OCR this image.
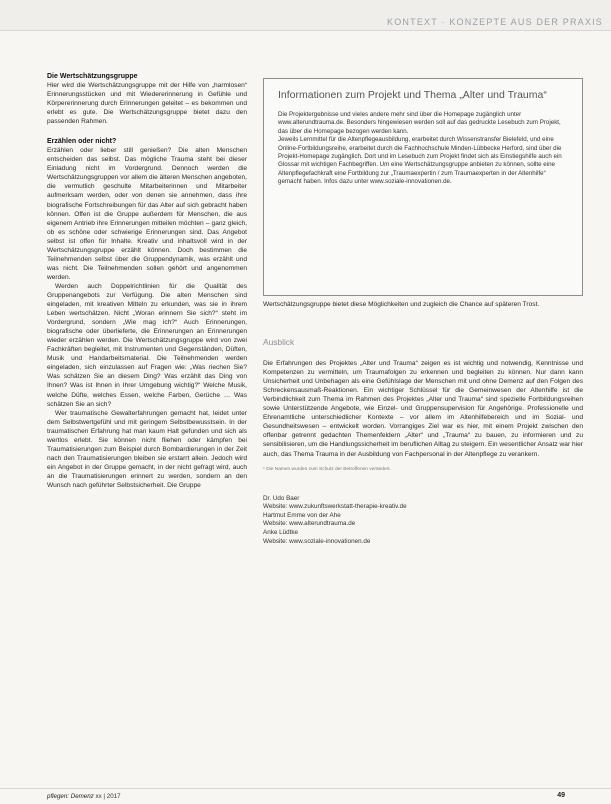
KONTEXT · KONZEPTE AUS DER PRAXIS
Die Wertschätzungsgruppe

Hier wird die Wertschätzungsgruppe mit der Hilfe von „harmlosen“ Erinnerungsstücken und mit Wiedererinnerung in Gefühle und Körpererinnerung durch Erinnerungen geleitet – es bekommen und erlebt es gute. Die Wertschätzungsgruppe bietet dazu den passenden Rahmen.

Erzählen oder nicht?

Erzählen oder lieber still genießen? Die alten Menschen entscheiden das selbst. Das mögliche Trauma steht bei dieser Einladung nicht im Vordergrund. Dennoch werden die Wertschätzungsgruppen vor allem die älteren Menschen angeboten, die vermutlich geschulte Mitarbeiterinnen und Mitarbeiter aufmerksam werden, oder von denen sie annehmen, dass ihre biografische Fortschreibungen für das Alter auf sich gebracht haben können. Offen ist die Gruppe außerdem für Menschen, die aus eigenem Antrieb ihre Erinnerungen mitteilen möchten – ganz gleich, ob es schöne oder schwierige Erinnerungen sind. Das Angebot selbst ist offen für Inhalte. Kreativ und inhaltsvoll wird in der Wertschätzungsgruppe erzählt können. Doch bestimmen die Teilnehmenden selbst über die Gruppendynamik, was erzählt und was nicht. Die Teilnehmenden sollen gehört und angenommen werden.

Werden auch Doppelrichtlinien für die Qualität des Gruppenangebots zur Verfügung. Die alten Menschen sind eingeladen, mit kreativen Mitteln zu erkunden, was sie in ihrem Leben wertschätzen. Nicht „Woran erinnern Sie sich?“ steht im Vordergrund, sondern „Wie mag ich?“ Auch Erinnerungen, biografische oder überlieferte, die Erinnerungen an Erinnerungen wieder erzählen werden. Die Wertschätzungsgruppe wird von zwei Fachkräften begleitet, mit Instrumenten und Gegenständen, Düften, Musik und Handarbeitsmaterial. Die Teilnehmenden werden eingeladen, sich einzulassen auf Fragen wie: „Was riechen Sie? Was schätzen Sie an diesem Ding? Was erzählt das Ding von Ihnen? Was ist Ihnen in Ihrer Umgebung wichtig?“ Welche Musik, welche Düfte, welches Essen, welche Farben, Gerüche … Was schätzen Sie an sich?

Wer traumatische Gewalterfahrungen gemacht hat, leidet unter dem Selbstwertgefühl und mit geringem Selbstbewusstsein. In der traumatischen Erfahrung hat man kaum Halt gefunden und sich als wertlos erlebt. Sie können nicht fliehen oder kämpfen bei Traumatisierungen zum Beispiel durch Bombardierungen in der Zeit nach den Traumatisierungen bleiben sie erstarrt allein. Jedoch wird ein Angebot in der Gruppe gemacht, in der nicht gefragt wird, auch an die Traumatisierungen erinnert zu werden, sondern an den Wunsch nach geführter Selbstsicherheit. Die Gruppe

Informationen zum Projekt und Thema „Alter und Trauma“

Die Projektergebnisse und vieles andere mehr sind über die Homepage zugänglich unter www.alterundtrauma.de. Besonders hingewiesen werden soll auf das gedruckte Lesebuch zum Projekt, das über die Homepage bezogen werden kann.

Jeweils Lernmittel für die Altenpflegeausbildung, erarbeitet durch Wissenstransfer Bielefeld, und eine Online-Fortbildungsreihe, erarbeitet durch die Fachhochschule Minden-Lübbecke Herford, sind über die Projekt-Homepage zugänglich. Dort und im Lesebuch zum Projekt findet sich als Einstiegshilfe auch ein Glossar mit wichtigen Fachbegriffen. Um eine Wertschätzungsgruppe anbieten zu können, sollte eine Altenpflegefachkraft eine Fortbildung zur „Traumaexpertin / zum Traumaexperten in der Altenhilfe“ gemacht haben. Infos dazu unter www.soziale-innovationen.de.

Wertschätzungsgruppe bietet diese Möglichkeiten und zugleich die Chance auf späteren Trost.

Ausblick

Die Erfahrungen des Projektes „Alter und Trauma“ zeigen es ist wichtig und notwendig, Kenntnisse und Kompetenzen zu vermitteln, um Traumafolgen zu erkennen und begleiten zu können. Nur dann kann Unsicherheit und Unbehagen als eine Gefühlslage der Menschen mit und ohne Demenz auf den Folgen des Schreckensausmaß-Reaktionen. Ein wichtiger Schlüssel für die Gemeinwesen der Altenhilfe ist die Verbindlichkeit zum Thema im Rahmen des Projektes „Alter und Trauma“ sind spezielle Fortbildungsreihen sowie Unterstützende Angebote, wie Einzel- und Gruppensupervision für Angehörige. Professionelle und Ehrenamtliche unterschiedlicher Kontexte – vor allem im Altenhilfebereich und im Sozial- und Gesundheitswesen – entwickelt worden. Vorrangiges Ziel war es hier, mit einem Projekt zwischen den offenbar getrennt gedachten Themenfeldern „Alter“ und „Trauma“ zu bauen, zu informieren und zu sensibilisieren, um die Handlungssicherheit im beruflichen Alltag zu steigern. Ein wesentlicher Ansatz war hier auch, das Thema Trauma in der Ausbildung von Fachpersonal in der Altenpflege zu verankern.

* Die Namen wurden zum Schutz der Betroffenen verändert.
Dr. Udo Baer
Website: www.zukunftswerkstatt-therapie-kreativ.de
Hartmut Emme von der Ahe
Website: www.alterundtrauma.de
Anke Lüdtke
Website: www.soziale-innovationen.de
pflegen: Demenz xx | 2017	49
